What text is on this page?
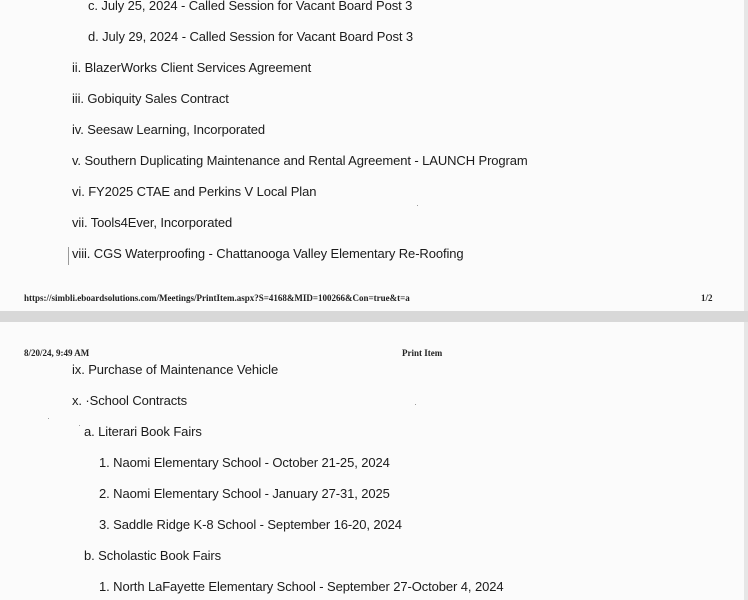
c. July 25, 2024 - Called Session for Vacant Board Post 3
d. July 29, 2024 - Called Session for Vacant Board Post 3
ii. BlazerWorks Client Services Agreement
iii. Gobiquity Sales Contract
iv. Seesaw Learning, Incorporated
v. Southern Duplicating Maintenance and Rental Agreement - LAUNCH Program
vi. FY2025 CTAE and Perkins V Local Plan
vii. Tools4Ever, Incorporated
viii. CGS Waterproofing - Chattanooga Valley Elementary Re-Roofing
https://simbli.eboardsolutions.com/Meetings/PrintItem.aspx?S=4168&MID=100266&Con=true&t=a	1/2
8/20/24, 9:49 AM	Print Item
ix. Purchase of Maintenance Vehicle
x. ·School Contracts
a. Literari Book Fairs
1. Naomi Elementary School - October 21-25, 2024
2. Naomi Elementary School - January 27-31, 2025
3. Saddle Ridge K-8 School - September 16-20, 2024
b. Scholastic Book Fairs
1. North LaFayette Elementary School - September 27-October 4, 2024
